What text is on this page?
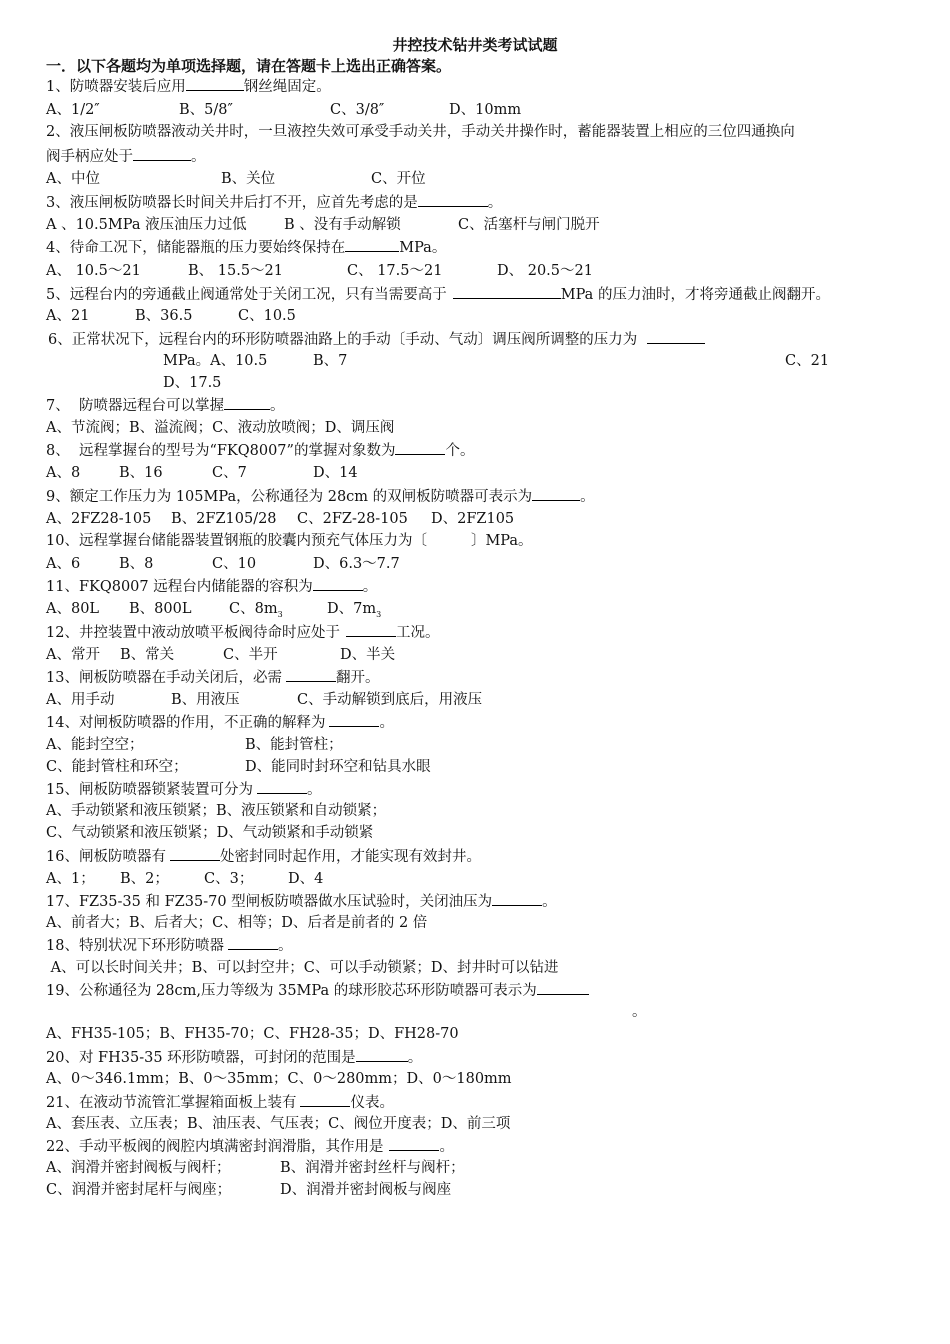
井控技术钻井类考试试题
一．以下各题均为单项选择题，请在答题卡上选出正确答案。
1、防喷器安装后应用	钢丝绳固定。
A、1/2″	B、5/8″	C、3/8″	D、10mm
2、液压闸板防喷器液动关井时，一旦液控失效可承受手动关井，手动关井操作时，蓄能器装置上相应的三位四通换向
阀手柄应处于	。
A、中位	B、关位	C、开位
3、液压闸板防喷器长时间关井后打不开，应首先考虑的是	。
A 、10.5MPa 液压油压力过低	B 、没有手动解锁	C、活塞杆与闸门脱开
4、待命工况下，储能器瓶的压力要始终保持在	MPa。
A、 10.5～21	B、 15.5～21	C、 17.5～21	D、 20.5～21
5、远程台内的旁通截止阀通常处于关闭工况，只有当需要高于	MPa 的压力油时，才将旁通截止阀翻开。
A、21	B、36.5	C、10.5
6、正常状况下，远程台内的环形防喷器油路上的手动〔手动、气动〕调压阀所调整的压力为
MPa。A、10.5	B、7	C、21
D、17.5
7、  防喷器远程台可以掌握	。
A、节流阀；B、溢流阀；C、液动放喷阀；D、调压阀
8、  远程掌握台的型号为“FKQ8007”的掌握对象数为	个。
A、8	B、16	C、7	D、14
9、额定工作压力为 105MPa，公称通径为 28cm 的双闸板防喷器可表示为	。
A、2FZ28-105 B、2FZ105/28 C、2FZ-28-105 D、2FZ105
10、远程掌握台储能器装置钢瓶的胶囊内预充气体压力为〔	〕MPa。
A、6	B、8	C、10	D、6.3～7.7
11、FKQ8007 远程台内储能器的容积为	。
A、80L B、800L	C、$8m_3$	D、$7m_3$
12、井控装置中液动放喷平板阀待命时应处于	工况。
A、常开 B、常关	C、半开	D、半关
13、闸板防喷器在手动关闭后，必需	翻开。
A、用手动	B、用液压	C、手动解锁到底后，用液压
14、对闸板防喷器的作用，不正确的解释为	。
A、能封空空；	B、能封管柱；
C、能封管柱和环空；	D、能同时封环空和钻具水眼
15、闸板防喷器锁紧装置可分为	。
A、手动锁紧和液压锁紧；B、液压锁紧和自动锁紧；
C、气动锁紧和液压锁紧；D、气动锁紧和手动锁紧
16、闸板防喷器有	处密封同时起作用，才能实现有效封井。
A、1； B、2； C、3； D、4
17、FZ35-35 和 FZ35-70 型闸板防喷器做水压试验时，关闭油压为	。
A、前者大；B、后者大；C、相等；D、后者是前者的 2 倍
18、特别状况下环形防喷器	。
A、可以长时间关井；B、可以封空井；C、可以手动锁紧；D、封井时可以钻进
19、公称通径为 28cm,压力等级为 35MPa 的球形胶芯环形防喷器可表示为
。
A、FH35-105；B、FH35-70；C、FH28-35；D、FH28-70
20、对 FH35-35 环形防喷器，可封闭的范围是	。
A、0～346.1mm；B、0～35mm；C、0～280mm；D、0～180mm
21、在液动节流管汇掌握箱面板上装有	仪表。
A、套压表、立压表；B、油压表、气压表；C、阀位开度表；D、前三项
22、手动平板阀的阀腔内填满密封润滑脂，其作用是	。
A、润滑并密封阀板与阀杆；	B、润滑并密封丝杆与阀杆；
C、润滑并密封尾杆与阀座；	D、润滑并密封阀板与阀座
